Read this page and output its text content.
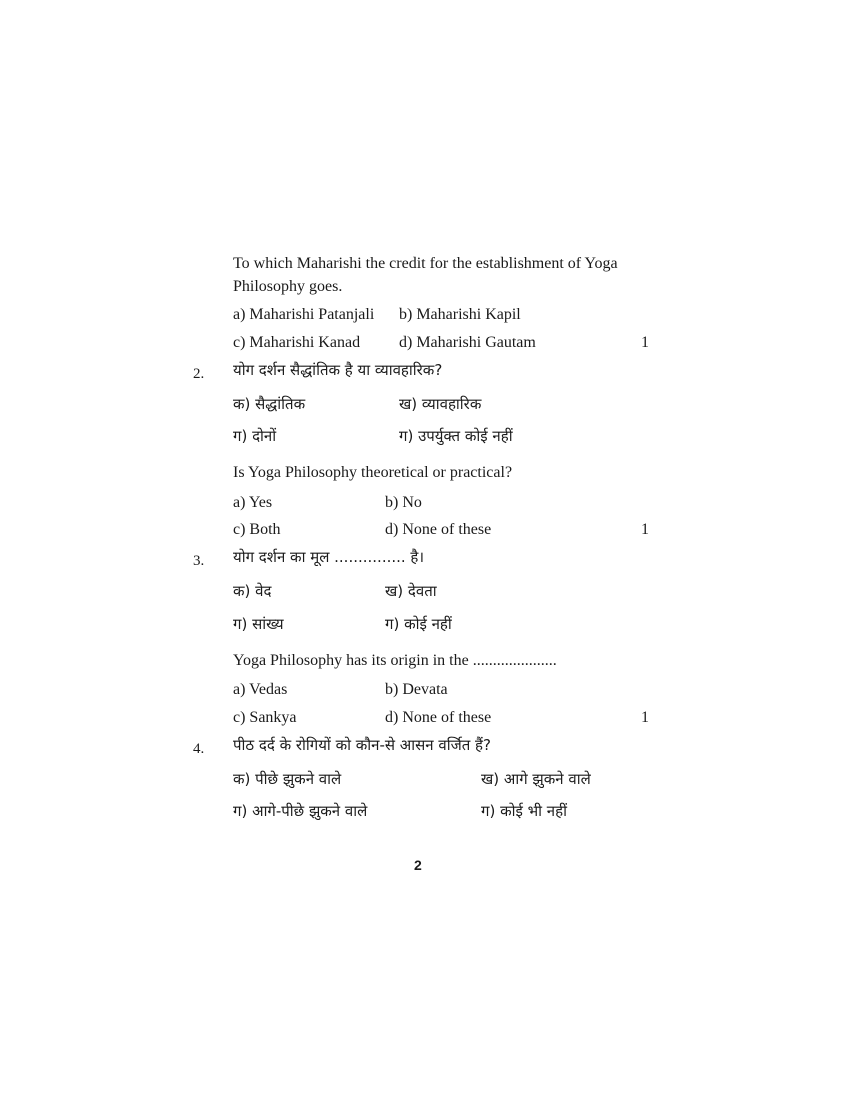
To which Maharishi the credit for the establishment of Yoga
Philosophy goes.
a) Maharishi Patanjali b) Maharishi Kapil
c) Maharishi Kanad d) Maharishi Gautam	1
2. योग दर्शन सैद्धांतिक है या व्यावहारिक?
क) सैद्धांतिक	ख) व्यावहारिक
ग) दोनों	ग) उपर्युक्त कोई नहीं
Is Yoga Philosophy theoretical or practical?
a) Yes	b) No
c) Both	d) None of these	1
3. योग दर्शन का मूल ............... है।
क) वेद	ख) देवता
ग) सांख्य	ग) कोई नहीं
Yoga Philosophy has its origin in the .....................
a) Vedas	b) Devata
c) Sankya	d) None of these	1
4. पीठ दर्द के रोगियों को कौन-से आसन वर्जित हैं?
क) पीछे झुकने वाले	ख) आगे झुकने वाले
ग) आगे-पीछे झुकने वाले	ग) कोई भी नहीं
2
